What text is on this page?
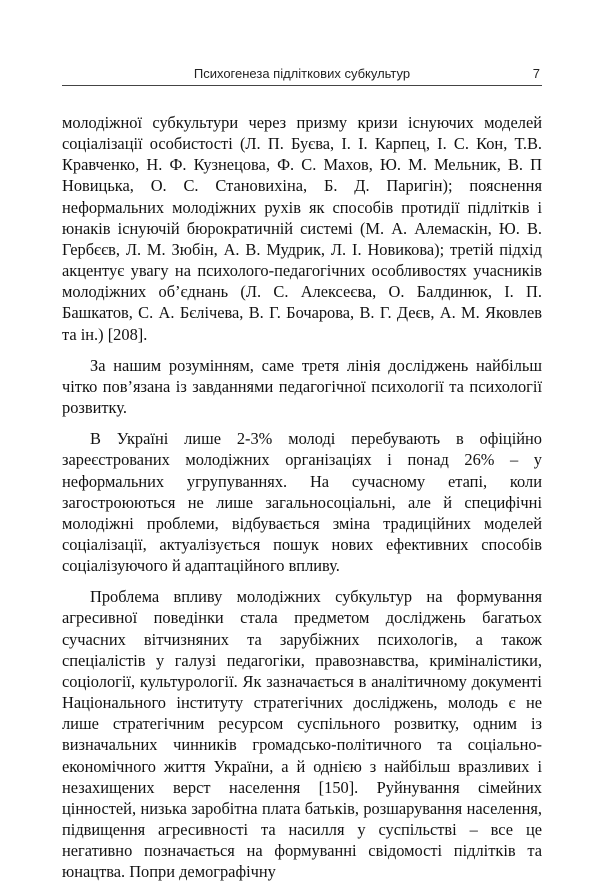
Психогенеза підліткових субкультур	7

молодіжної субкультури через призму кризи існуючих моделей соціалізації особистості (Л. П. Буєва, І. І. Карпец, І. С. Кон, Т.В. Кравченко, Н. Ф. Кузнецова, Ф. С. Махов, Ю. М. Мельник, В. П Новицька, О. С. Становихіна, Б. Д. Паригін); пояснення неформальних молодіжних рухів як способів протидії підлітків і юнаків існуючій бюрократичній системі (М. А. Алемаскін, Ю. В. Гербєєв, Л. М. Зюбін, А. В. Мудрик, Л. І. Новикова); третій підхід акцентує увагу на психолого-педагогічних особливостях учасників молодіжних об’єднань (Л. С. Алексеєва, О. Балдинюк, І. П. Башкатов, С. А. Бєлічева, В. Г. Бочарова, В. Г. Деєв, А. М. Яковлев та ін.) [208].

За нашим розумінням, саме третя лінія досліджень найбільш чітко пов’язана із завданнями педагогічної психології та психології розвитку.

В Україні лише 2-3% молоді перебувають в офіційно зареєстрованих молодіжних організаціях і понад 26% – у неформальних угрупуваннях. На сучасному етапі, коли загостроюються не лише загальносоціальні, але й специфічні молодіжні проблеми, відбувається зміна традиційних моделей соціалізації, актуалізується пошук нових ефективних способів соціалізуючого й адаптаційного впливу.

Проблема впливу молодіжних субкультур на формування агресивної поведінки стала предметом досліджень багатьох сучасних вітчизняних та зарубіжних психологів, а також спеціалістів у галузі педагогіки, правознавства, кримінaлістики, соціології, культурології. Як зазначається в аналітичному документі Національного інституту стратегічних досліджень, молодь є не лише стратегічним ресурсом суспільного розвитку, одним із визначальних чинників громадсько-політичного та соціально-економічного життя України, а й однією з найбільш вразливих і незахищених верст населення [150]. Руйнування сімейних цінностей, низька заробітна плата батьків, розшарування населення, підвищення агресивності та насилля у суспільстві – все це негативно позначається на формуванні свідомості підлітків та юнацтва. Попри демографічну
